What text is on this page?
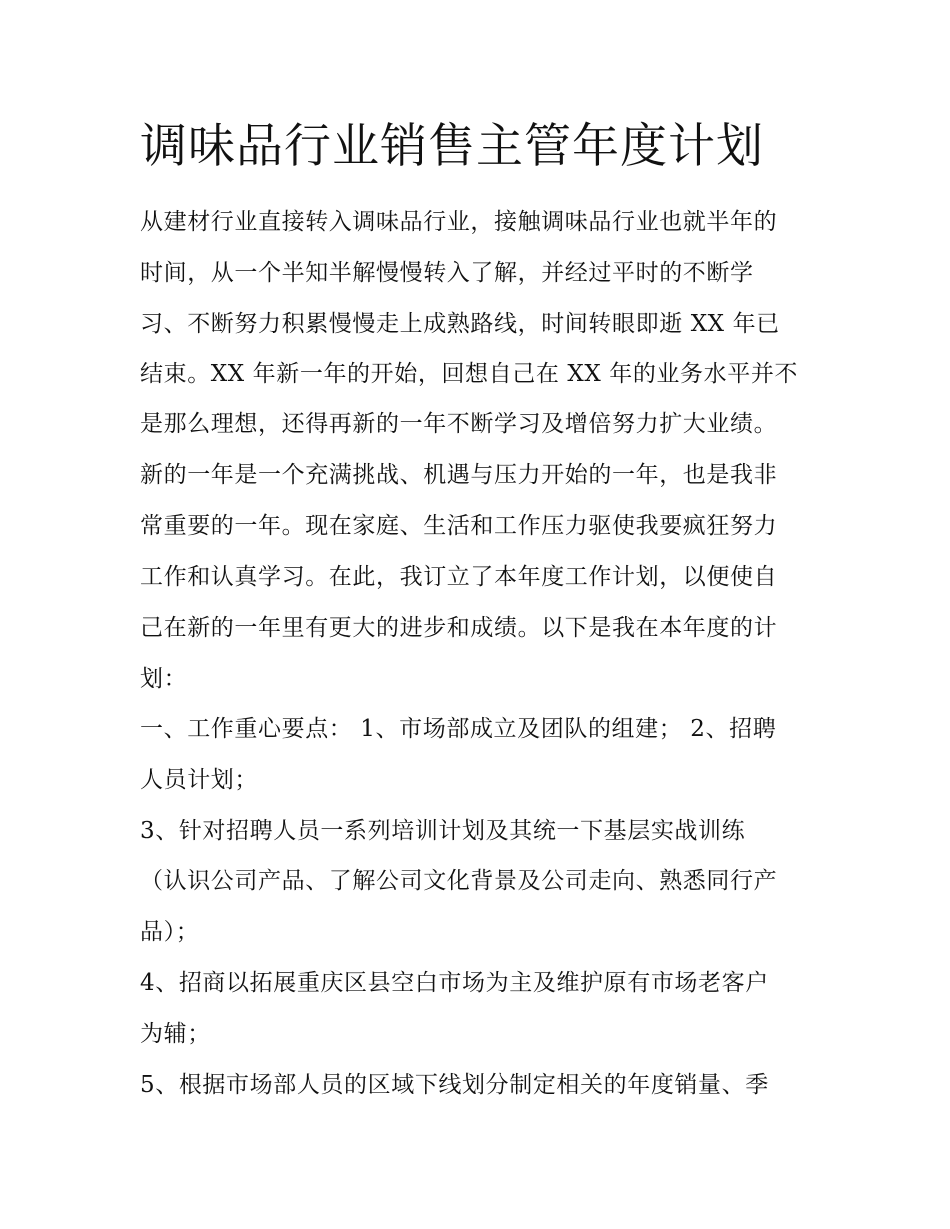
调味品行业销售主管年度计划
从建材行业直接转入调味品行业，接触调味品行业也就半年的
时间，从一个半知半解慢慢转入了解，并经过平时的不断学
习、不断努力积累慢慢走上成熟路线，时间转眼即逝 XX 年已
结束。XX 年新一年的开始，回想自己在 XX 年的业务水平并不
是那么理想，还得再新的一年不断学习及增倍努力扩大业绩。
新的一年是一个充满挑战、机遇与压力开始的一年，也是我非
常重要的一年。现在家庭、生活和工作压力驱使我要疯狂努力
工作和认真学习。在此，我订立了本年度工作计划，以便使自
己在新的一年里有更大的进步和成绩。以下是我在本年度的计
划：
一、工作重心要点： 1、市场部成立及团队的组建； 2、招聘
人员计划；
3、针对招聘人员一系列培训计划及其统一下基层实战训练
（认识公司产品、了解公司文化背景及公司走向、熟悉同行产
品）；
4、招商以拓展重庆区县空白市场为主及维护原有市场老客户
为辅；
5、根据市场部人员的区域下线划分制定相关的年度销量、季
